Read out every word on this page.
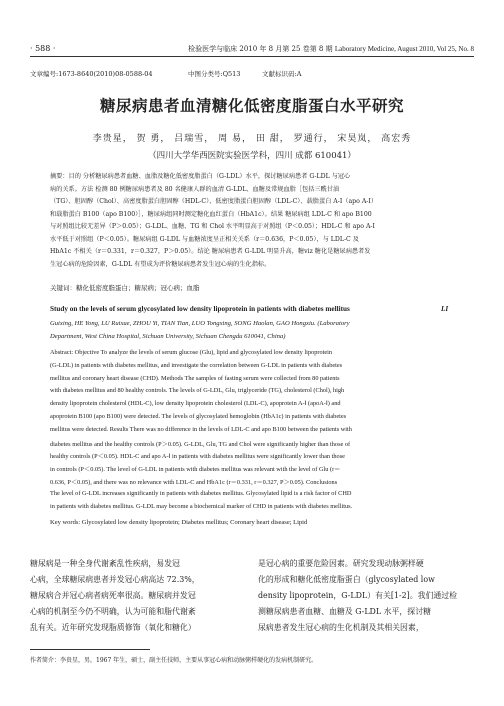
· 588 ·	检验医学与临床 2010 年 8 月第 25 卷第 8 期 Laboratory Medicine, August 2010, Vol 25, No. 8
文章编号:1673-8640(2010)08-0588-04	中图分类号:Q513	文献标识码:A
糖尿病患者血清糖化低密度脂蛋白水平研究
李贵星， 贺 勇， 吕瑞雪， 周 易， 田 甜， 罗通行， 宋昊岚， 高宏秀
（四川大学华西医院实验医学科，四川 成都 610041）
摘要：目的 分析糖尿病患者血糖、血脂及糖化低密度脂蛋白（G-LDL）水平，探讨糖尿病患者 G-LDL 与冠心
病的关系。方法 检测 80 例糖尿病患者及 80 名健康人群的血清 G-LDL、血糖及常规血脂［包括三酰甘油
（TG）、胆固醇（Chol）、高密度脂蛋白胆固醇（HDL-C）、低密度脂蛋白胆固醇（LDL-C）、载脂蛋白 A-Ⅰ（apo A-Ⅰ）
和载脂蛋白 B100（apo B100）］，糖尿病组同时测定糖化血红蛋白（HbA1c）。结果 糖尿病组 LDL-C 和 apo B100
与对照组比较无差异（P＞0.05）；G-LDL、血糖、TG 和 Chol 水平明显高于对照组（P＜0.05）；HDL-C 和 apo A-Ⅰ
水平低于对照组（P＜0.05）。糖尿病组 G-LDL 与血糖浓度呈正相关关系（r＝0.636，P＜0.05），与 LDL-C 及
HbA1c 不相关（r＝0.331，r＝0.327，P＞0.05）。结论 糖尿病患者 G-LDL 明显升高，糖viz 糖化是糖尿病患者发
生冠心病的危险因素，G-LDL 有望成为评价糖尿病患者发生冠心病的生化指标。
关键词：糖化低密度脂蛋白；糖尿病；冠心病；血脂
Study on the levels of serum glycosylated low density lipoprotein in patients with diabetes mellitus	LI
Guixing, HE Yong, LÜ Ruixue, ZHOU Yi, TIAN Tian, LUO Tongxing, SONG Haolan, GAO Hongxiu. (Laboratory
Department, West China Hospital, Sichuan University, Sichuan Chengdu 610041, China)
Abstract: Objective To analyze the levels of serum glucose (Glu), lipid and glycosylated low density lipoprotein
(G-LDL) in patients with diabetes mellitus, and investigate the correlation between G-LDL in patients with diabetes
mellitus and coronary heart disease (CHD). Methods The samples of fasting serum were collected from 80 patients
with diabetes mellitus and 80 healthy controls. The levels of G-LDL, Glu, triglyceride (TG), cholesterol (Chol), high
density lipoprotein cholesterol (HDL-C), low density lipoprotein cholesterol (LDL-C), apoprotein A-Ⅰ (apoA-Ⅰ) and
apoprotein B100 (apo B100) were detected. The levels of glycosylated hemoglobin (HbA1c) in patients with diabetes
mellitus were detected. Results There was no difference in the levels of LDL-C and apo B100 between the patients with
diabetes mellitus and the healthy controls (P＞0.05). G-LDL, Glu, TG and Chol were significantly higher than those of
healthy controls (P＜0.05). HDL-C and apo A-Ⅰ in patients with diabetes mellitus were significantly lower than those
in controls (P＜0.05). The level of G-LDL in patients with diabetes mellitus was relevant with the level of Glu (r＝
0.636, P＜0.05), and there was no relevance with LDL-C and HbA1c (r＝0.331, r＝0.327, P＞0.05). Conclusions
The level of G-LDL increases significantly in patients with diabetes mellitus. Glycosylated lipid is a risk factor of CHD
in patients with diabetes mellitus. G-LDL may become a biochemical marker of CHD in patients with diabetes mellitus.
Key words: Glycosylated low density lipoprotein; Diabetes mellitus; Coronary heart disease; Lipid
糖尿病是一种全身代谢紊乱性疾病，易发冠
心病，全球糖尿病患者并发冠心病高达 72.3%，
糖尿病合并冠心病者病死率很高。糖尿病并发冠
心病的机制至今仍不明确，认为可能和脂代谢紊
乱有关。近年研究发现脂质修饰（氧化和糖化）
是冠心病的重要危险因素。研究发现动脉粥样硬
化的形成和糖化低密度脂蛋白（glycosylated low
density lipoprotein，G-LDL）有关[1-2]。我们通过检
测糖尿病患者血糖、血糖及 G-LDL 水平，探讨糖
尿病患者发生冠心病的生化机制及其相关因素，
作者简介：李贵星，男，1967 年生，硕士，副主任技师，主要从事冠心病和动脉粥样硬化的发病机制研究。
